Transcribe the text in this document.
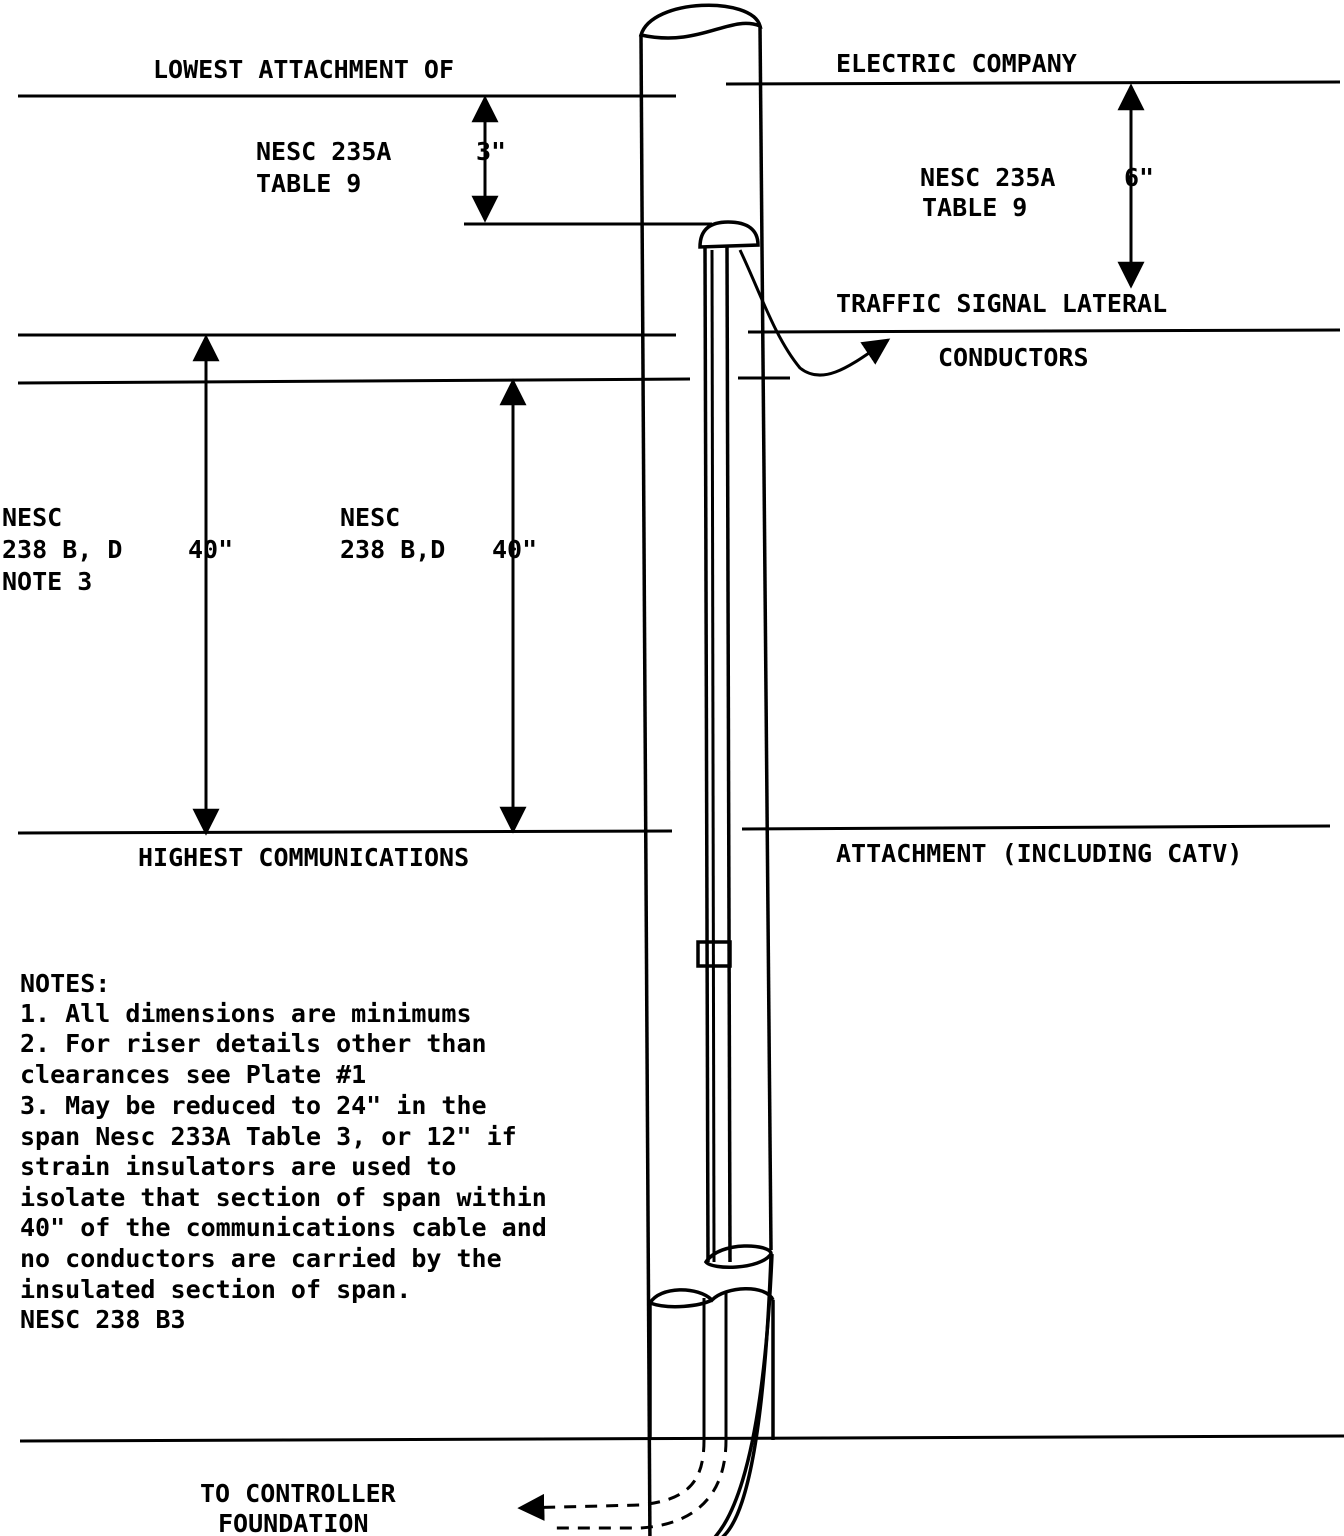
LOWEST ATTACHMENT OF	ELECTRIC COMPANY
NESC 235A
TABLE 9
3"
NESC 235A
TABLE 9
6"
TRAFFIC SIGNAL LATERAL
CONDUCTORS
NESC
238 B, D
NOTE 3
40"
NESC
238 B,D 40"
HIGHEST COMMUNICATIONS	ATTACHMENT (INCLUDING CATV)
TO CONTROLLER
FOUNDATION
NOTES:
1. All dimensions are minimums
2. For riser details other than
clearances see Plate #1
3. May be reduced to 24" in the
span Nesc 233A Table 3, or 12" if
strain insulators are used to
isolate that section of span within
40" of the communications cable and
no conductors are carried by the
insulated section of span.
NESC 238 B3
